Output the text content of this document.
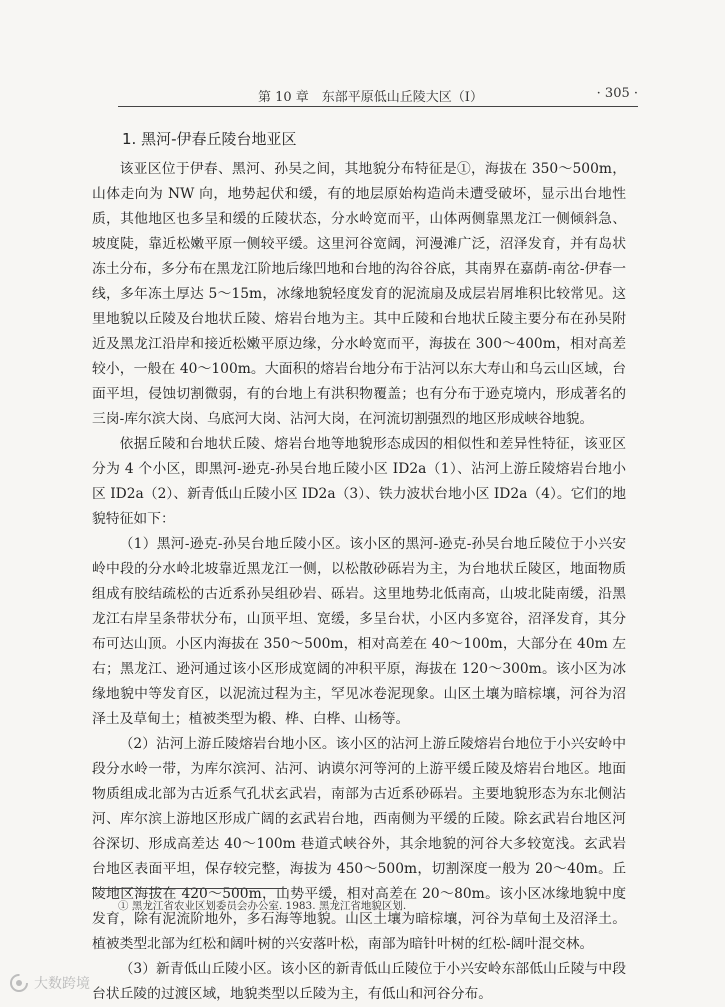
第 10 章　东部平原低山丘陵大区（I）	· 305 ·
1. 黑河-伊春丘陵台地亚区

该亚区位于伊春、黑河、孙吴之间，其地貌分布特征是①，海拔在 350～500m，山体走向为 NW 向，地势起伏和缓，有的地层原始构造尚未遭受破坏，显示出台地性质，其他地区也多呈和缓的丘陵状态，分水岭宽而平，山体两侧靠黑龙江一侧倾斜急、坡度陡，靠近松嫩平原一侧较平缓。这里河谷宽阔，河漫滩广泛，沼泽发育，并有岛状冻土分布，多分布在黑龙江阶地后缘凹地和台地的沟谷谷底，其南界在嘉荫-南岔-伊春一线，多年冻土厚达 5～15m，冰缘地貌轻度发育的泥流扇及成层岩屑堆积比较常见。这里地貌以丘陵及台地状丘陵、熔岩台地为主。其中丘陵和台地状丘陵主要分布在孙吴附近及黑龙江沿岸和接近松嫩平原边缘，分水岭宽而平，海拔在 300～400m，相对高差较小，一般在 40～100m。大面积的熔岩台地分布于沾河以东大寿山和乌云山区域，台面平坦，侵蚀切割微弱，有的台地上有洪积物覆盖；也有分布于逊克境内，形成著名的三岗-库尔滨大岗、乌底河大岗、沾河大岗，在河流切割强烈的地区形成峡谷地貌。

依据丘陵和台地状丘陵、熔岩台地等地貌形态成因的相似性和差异性特征，该亚区分为 4 个小区，即黑河-逊克-孙吴台地丘陵小区 ID2a（1）、沾河上游丘陵熔岩台地小区 ID2a（2）、新青低山丘陵小区 ID2a（3）、铁力波状台地小区 ID2a（4）。它们的地貌特征如下：

（1）黑河-逊克-孙吴台地丘陵小区。该小区的黑河-逊克-孙吴台地丘陵位于小兴安岭中段的分水岭北坡靠近黑龙江一侧，以松散砂砾岩为主，为台地状丘陵区，地面物质组成有胶结疏松的古近系孙吴组砂岩、砾岩。这里地势北低南高，山坡北陡南缓，沿黑龙江右岸呈条带状分布，山顶平坦、宽缓，多呈台状，小区内多宽谷，沼泽发育，其分布可达山顶。小区内海拔在 350～500m，相对高差在 40～100m，大部分在 40m 左右；黑龙江、逊河通过该小区形成宽阔的冲积平原，海拔在 120～300m。该小区为冰缘地貌中等发育区，以泥流过程为主，罕见冰卷泥现象。山区土壤为暗棕壤，河谷为沼泽土及草甸土；植被类型为椴、桦、白桦、山杨等。

（2）沾河上游丘陵熔岩台地小区。该小区的沾河上游丘陵熔岩台地位于小兴安岭中段分水岭一带，为库尔滨河、沾河、讷谟尔河等河的上游平缓丘陵及熔岩台地区。地面物质组成北部为古近系气孔状玄武岩，南部为古近系砂砾岩。主要地貌形态为东北侧沾河、库尔滨上游地区形成广阔的玄武岩台地，西南侧为平缓的丘陵。除玄武岩台地区河谷深切、形成高差达 40～100m 巷道式峡谷外，其余地貌的河谷大多较宽浅。玄武岩台地区表面平坦，保存较完整，海拔为 450～500m，切割深度一般为 20～40m。丘陵地区海拔在 420～500m，山势平缓，相对高差在 20～80m。该小区冰缘地貌中度发育，除有泥流阶地外，多石海等地貌。山区土壤为暗棕壤，河谷为草甸土及沼泽土。植被类型北部为红松和阔叶树的兴安落叶松，南部为暗针叶树的红松-阔叶混交林。

（3）新青低山丘陵小区。该小区的新青低山丘陵位于小兴安岭东部低山丘陵与中段台状丘陵的过渡区域，地貌类型以丘陵为主，有低山和河谷分布。

① 黑龙江省农业区划委员会办公室. 1983. 黑龙江省地貌区划.
大数跨境
